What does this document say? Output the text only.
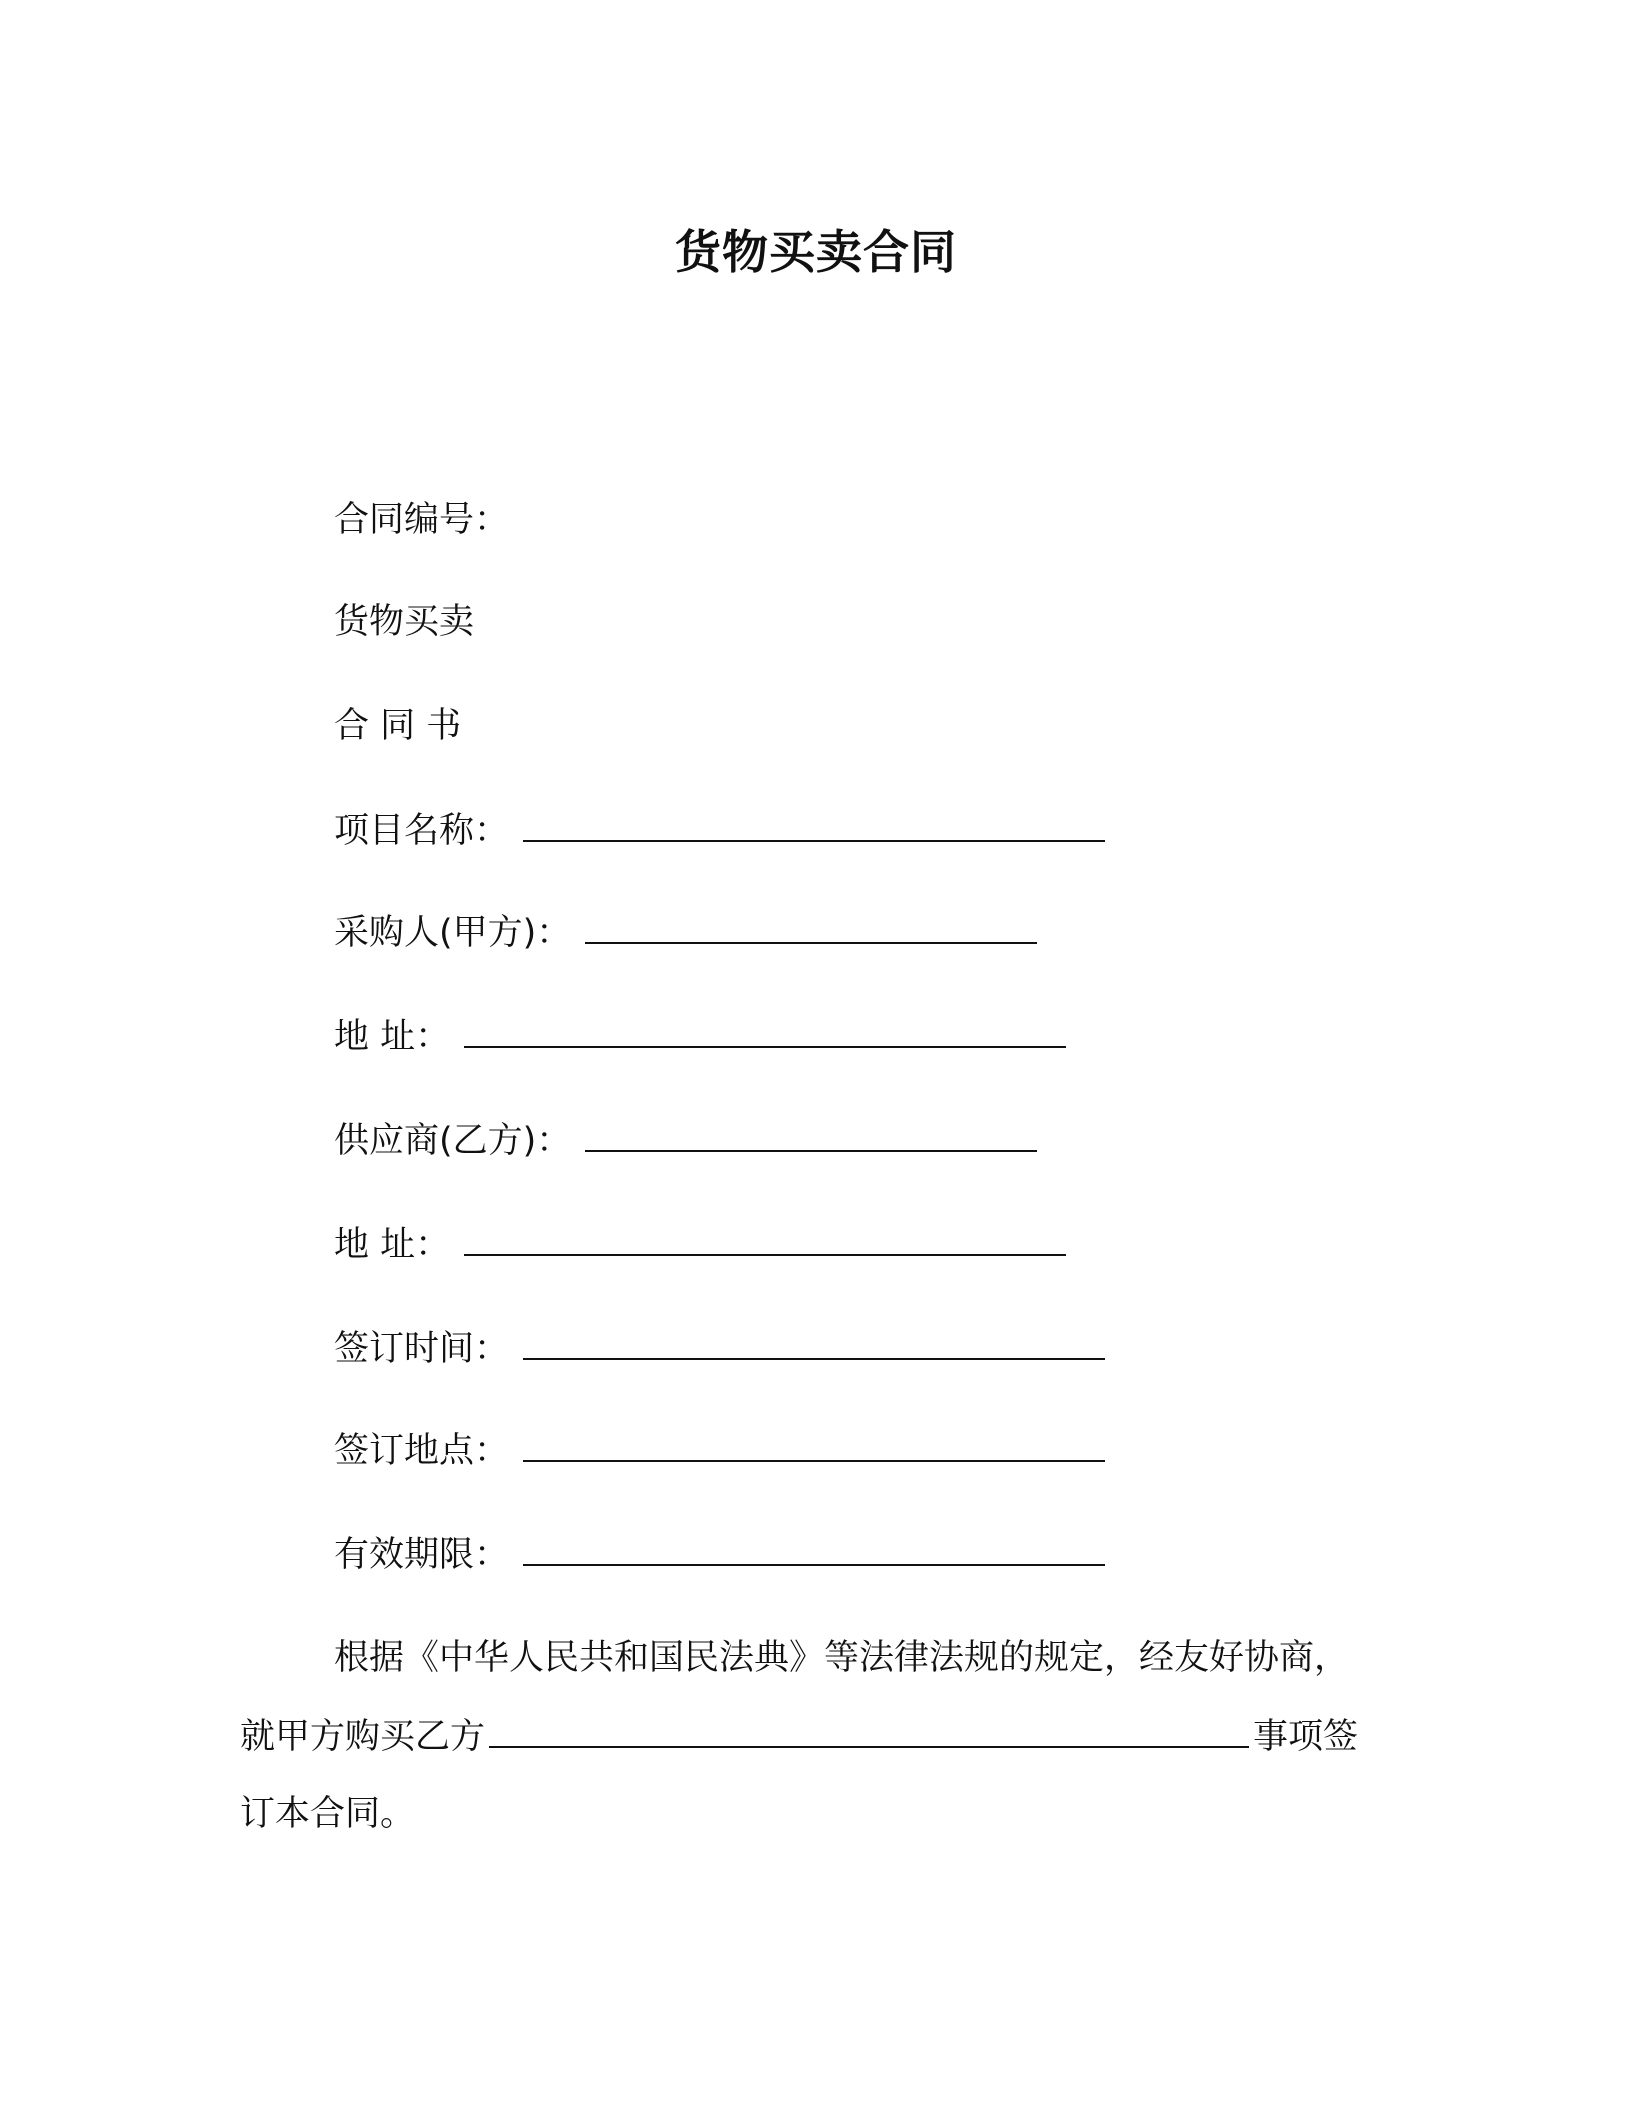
货物买卖合同
合同编号：
货物买卖
合 同 书
项目名称：
采购人(甲方)：
地 址：
供应商(乙方)：
地 址：
签订时间：
签订地点：
有效期限：
根据《中华人民共和国民法典》等法律法规的规定，经友好协商，
就甲方购买乙方	事项签
订本合同。
